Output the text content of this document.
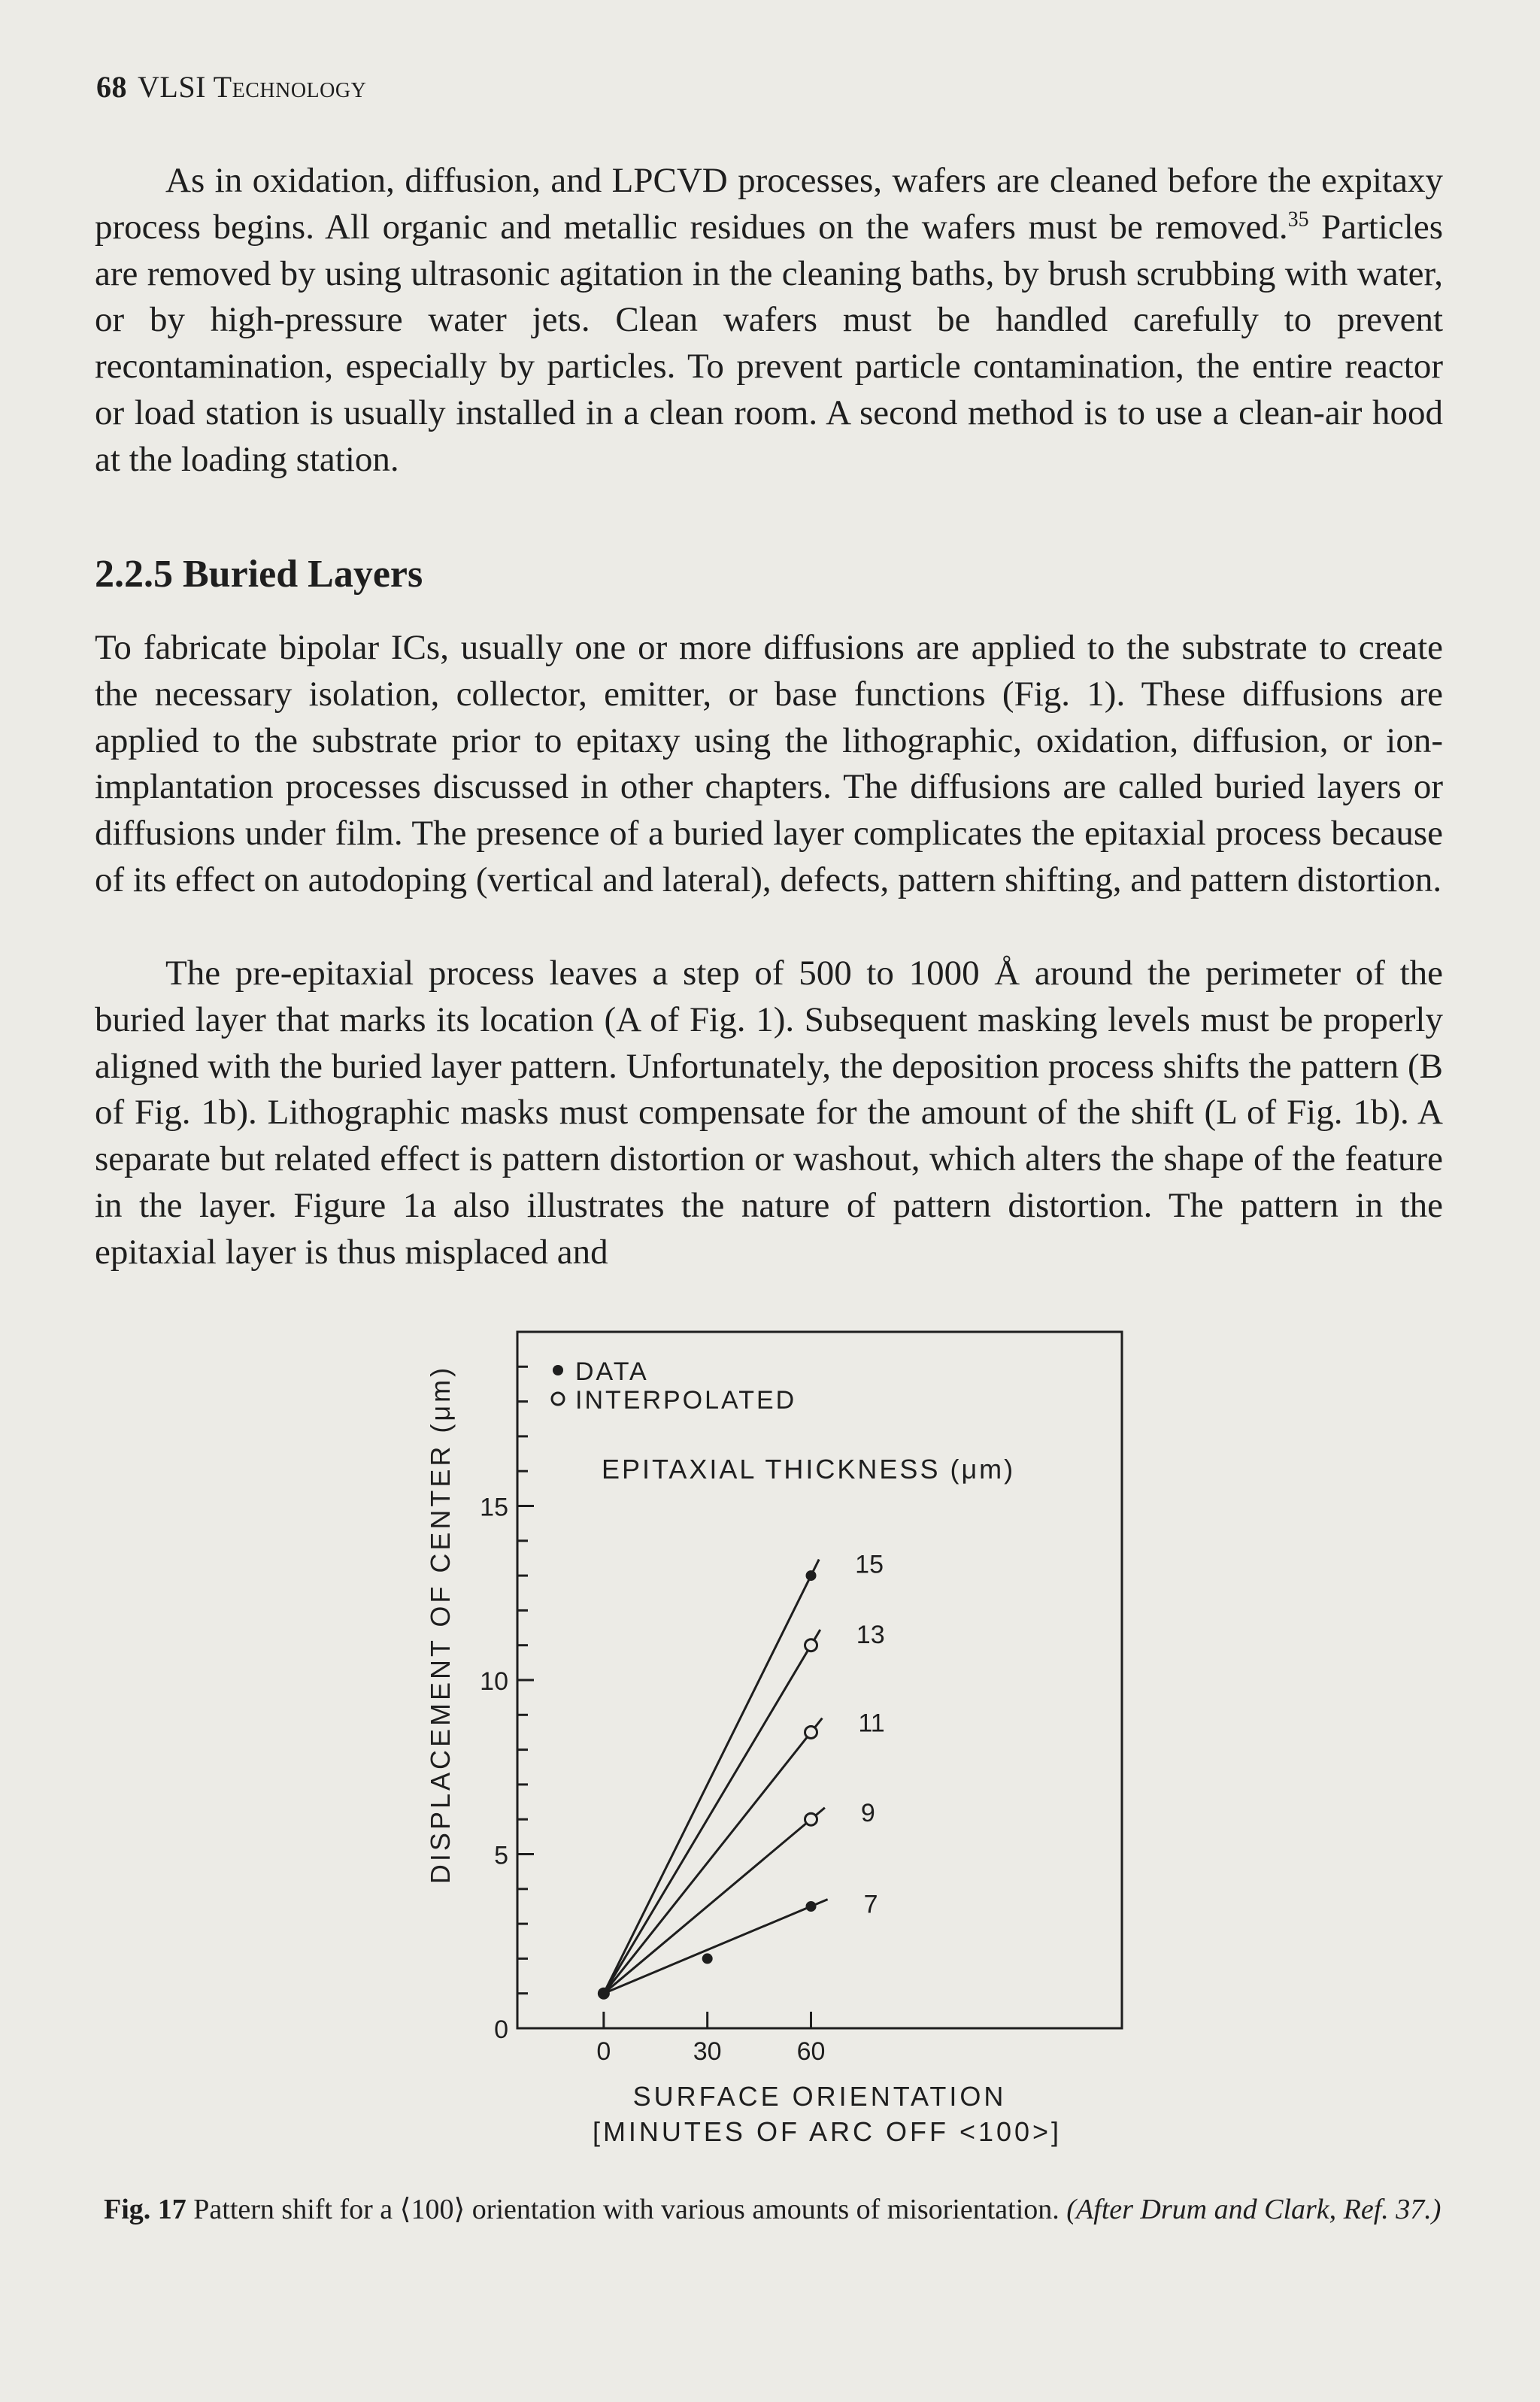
68 VLSI Technology

As in oxidation, diffusion, and LPCVD processes, wafers are cleaned before the expitaxy process begins. All organic and metallic residues on the wafers must be removed.$^{35}$ Particles are removed by using ultrasonic agitation in the cleaning baths, by brush scrubbing with water, or by high-pressure water jets. Clean wafers must be handled carefully to prevent recontamination, especially by particles. To prevent particle contamination, the entire reactor or load station is usually installed in a clean room. A second method is to use a clean-air hood at the loading station.

2.2.5 Buried Layers

To fabricate bipolar ICs, usually one or more diffusions are applied to the substrate to create the necessary isolation, collector, emitter, or base functions (Fig. 1). These diffusions are applied to the substrate prior to epitaxy using the lithographic, oxidation, diffusion, or ion-implantation processes discussed in other chapters. The diffusions are called buried layers or diffusions under film. The presence of a buried layer complicates the epitaxial process because of its effect on autodoping (vertical and lateral), defects, pattern shifting, and pattern distortion.

The pre-epitaxial process leaves a step of 500 to 1000 Å around the perimeter of the buried layer that marks its location (A of Fig. 1). Subsequent masking levels must be properly aligned with the buried layer pattern. Unfortunately, the deposition process shifts the pattern (B of Fig. 1b). Lithographic masks must compensate for the amount of the shift (L of Fig. 1b). A separate but related effect is pattern distortion or washout, which alters the shape of the feature in the layer. Figure 1a also illustrates the nature of pattern distortion. The pattern in the epitaxial layer is thus misplaced and

DATA
INTERPOLATED
EPITAXIAL THICKNESS (μm)
0
5
10
15
0	30	60
15
13
11
9
7
DISPLACEMENT OF CENTER (μm)
SURFACE ORIENTATION
[MINUTES OF ARC OFF <100>]

Fig. 17 Pattern shift for a ⟨100⟩ orientation with various amounts of misorientation. (After Drum and Clark, Ref. 37.)
